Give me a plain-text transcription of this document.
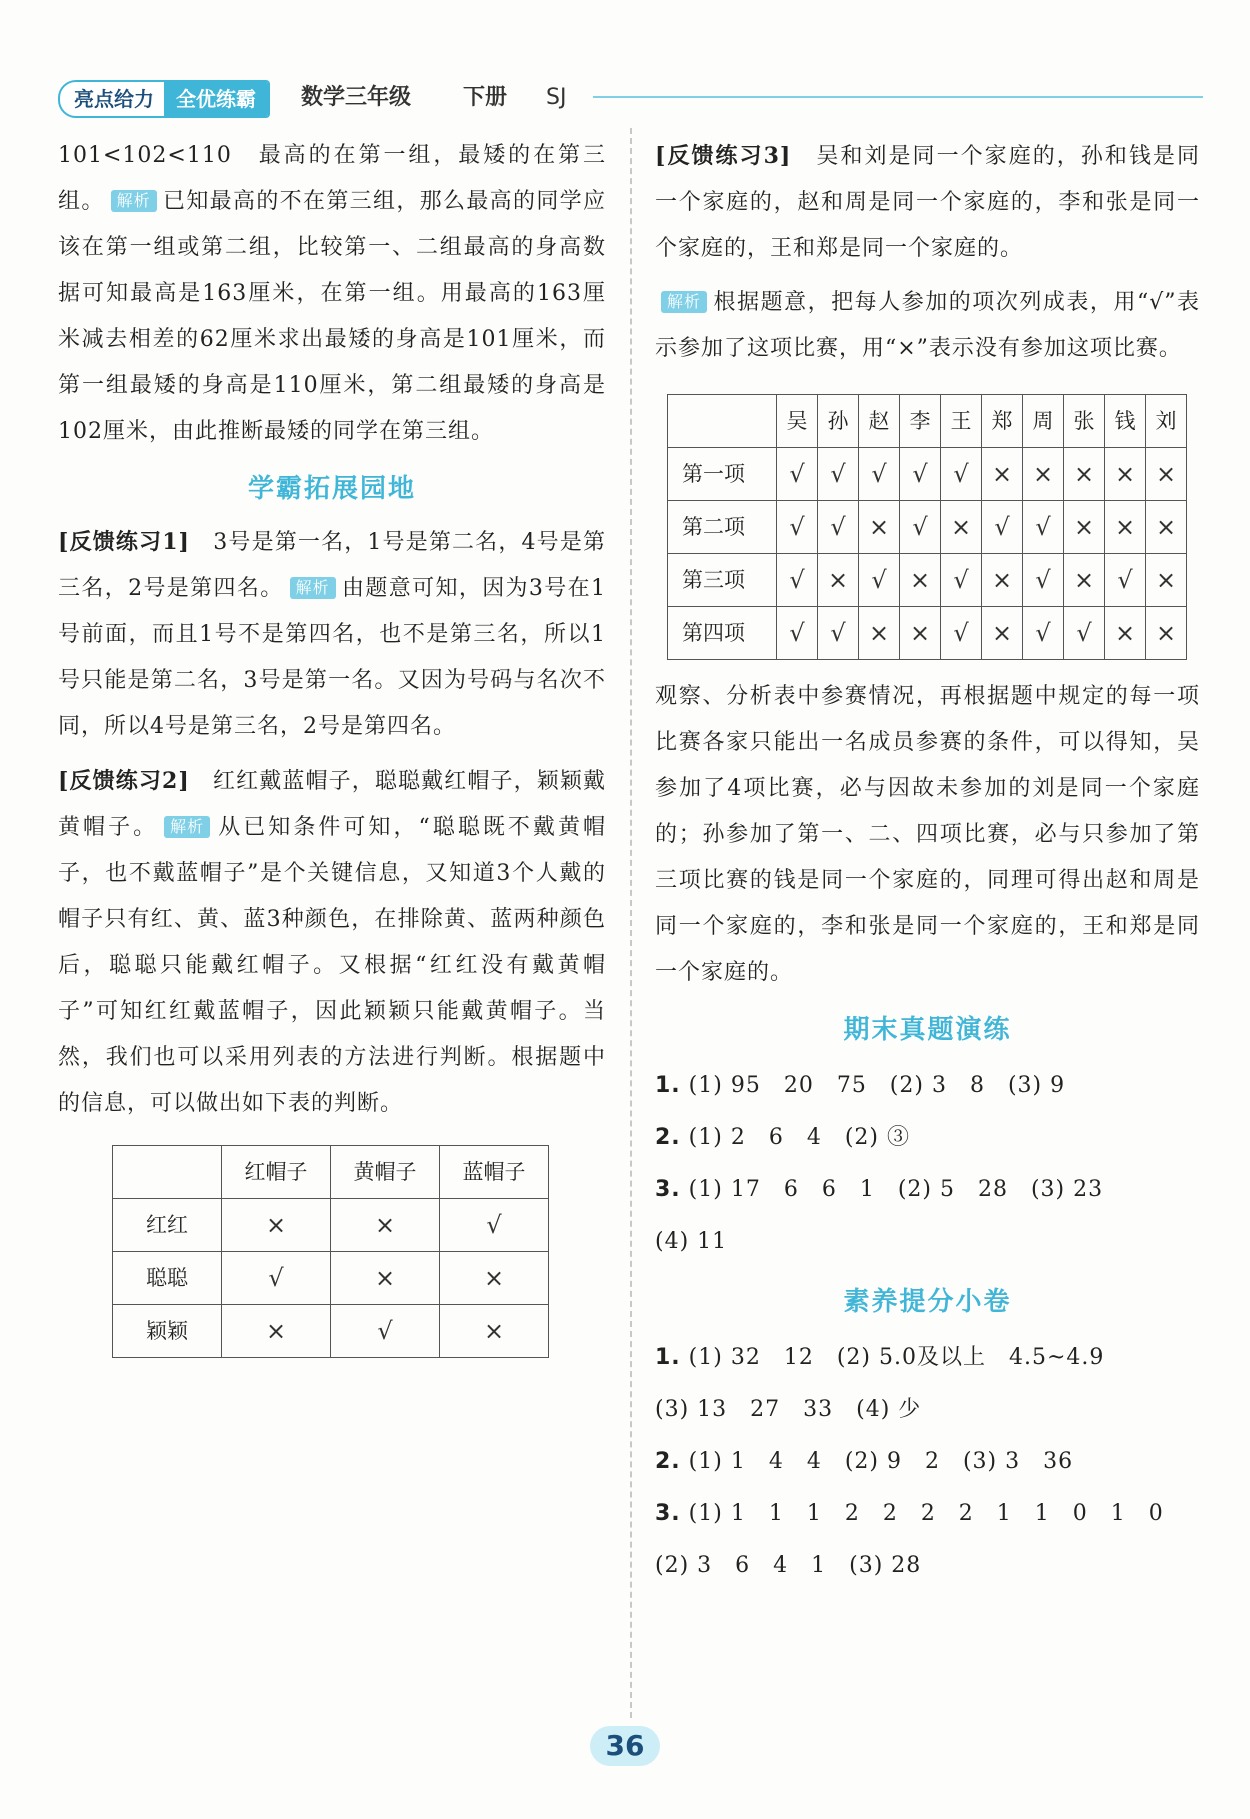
亮点给力	全优练霸	数学三年级 下册 SJ

101<102<110　最高的在第一组，最矮的在第三组。 解析 已知最高的不在第三组，那么最高的同学应该在第一组或第二组，比较第一、二组最高的身高数据可知最高是163厘米，在第一组。用最高的163厘米减去相差的62厘米求出最矮的身高是101厘米，而第一组最矮的身高是110厘米，第二组最矮的身高是102厘米，由此推断最矮的同学在第三组。

学霸拓展园地

[反馈练习1]　 3号是第一名，1号是第二名，4号是第三名，2号是第四名。 解析 由题意可知，因为3号在1号前面，而且1号不是第四名，也不是第三名，所以1号只能是第二名，3号是第一名。又因为号码与名次不同，所以4号是第三名，2号是第四名。

[反馈练习2]　 红红戴蓝帽子，聪聪戴红帽子，颖颖戴黄帽子。 解析 从已知条件可知，“聪聪既不戴黄帽子，也不戴蓝帽子”是个关键信息，又知道3个人戴的帽子只有红、黄、蓝3种颜色，在排除黄、蓝两种颜色后，聪聪只能戴红帽子。又根据“红红没有戴黄帽子”可知红红戴蓝帽子，因此颖颖只能戴黄帽子。当然，我们也可以采用列表的方法进行判断。根据题中的信息，可以做出如下表的判断。

	红帽子	黄帽子	蓝帽子
红红	×	×	√
聪聪	√	×	×
颖颖	×	√	×

[反馈练习3]　 吴和刘是同一个家庭的，孙和钱是同一个家庭的，赵和周是同一个家庭的，李和张是同一个家庭的，王和郑是同一个家庭的。

解析 根据题意，把每人参加的项次列成表，用“√”表示参加了这项比赛，用“×”表示没有参加这项比赛。

	吴	孙	赵	李	王	郑	周	张	钱	刘
第一项	√	√	√	√	√	×	×	×	×	×
第二项	√	√	×	√	×	√	√	×	×	×
第三项	√	×	√	×	√	×	√	×	√	×
第四项	√	√	×	×	√	×	√	√	×	×

观察、分析表中参赛情况，再根据题中规定的每一项比赛各家只能出一名成员参赛的条件，可以得知，吴参加了4项比赛，必与因故未参加的刘是同一个家庭的；孙参加了第一、二、四项比赛，必与只参加了第三项比赛的钱是同一个家庭的，同理可得出赵和周是同一个家庭的，李和张是同一个家庭的，王和郑是同一个家庭的。

期末真题演练

1. (1) 95　20　75　(2) 3　8　(3) 9

2. (1) 2　6　4　(2) ③

3. (1) 17　6　6　1　(2) 5　28　(3) 23

(4) 11

素养提分小卷

1. (1) 32　12　(2) 5.0及以上　4.5~4.9

(3) 13　27　33　(4) 少

2. (1) 1　4　4　(2) 9　2　(3) 3　36

3. (1) 1　1　1　2　2　2　2　1　1　0　1　0

(2) 3　6　4　1　(3) 28

36
